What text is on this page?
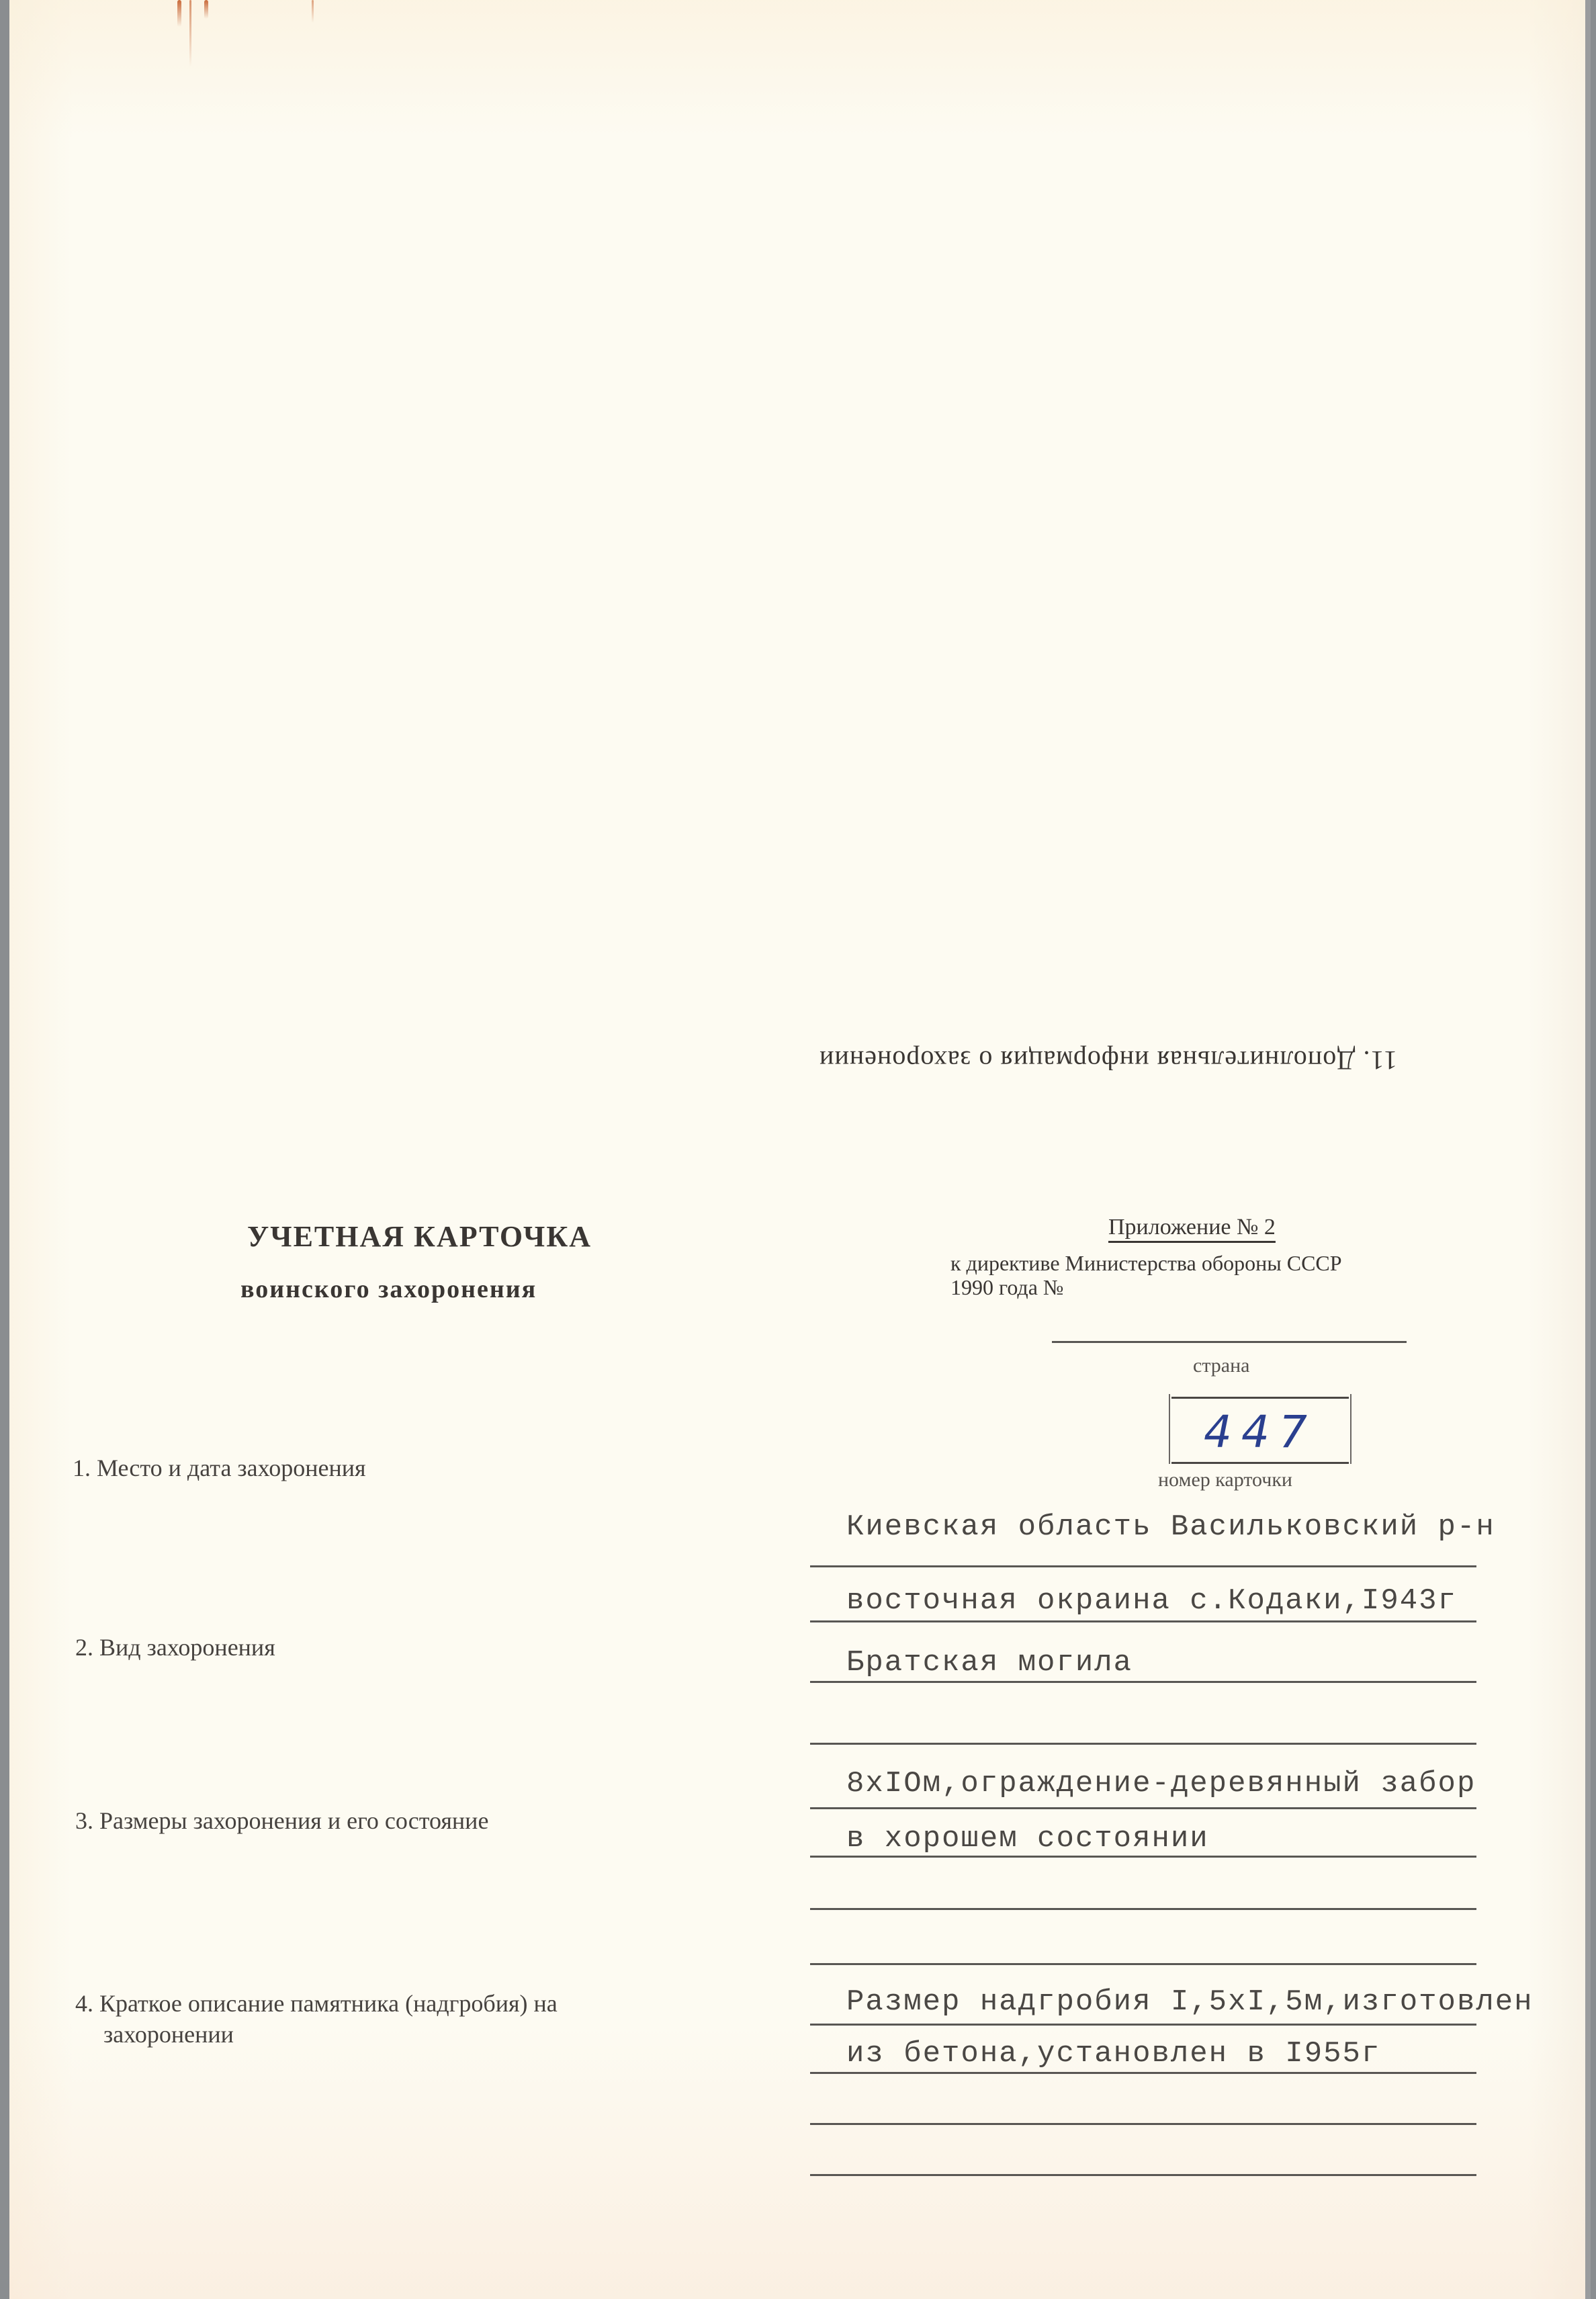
11. Дополнительная информация о захоронении
УЧЕТНАЯ КАРТОЧКА
воинского захоронения
Приложение № 2
к директиве Министерства обороны СССР
1990 года №
страна
447
номер карточки
1. Место и дата захоронения
Киевская область Васильковский р-н
восточная окраина с.Кодаки,I943г
2. Вид захоронения	Братская могила
3. Размеры захоронения и его состояние
8хIОм,ограждение-деревянный забор
в хорошем состоянии
4. Краткое описание памятника (надгробия) на
захоронении
Размер надгробия I,5хI,5м,изготовлен
из бетона,установлен в I955г
